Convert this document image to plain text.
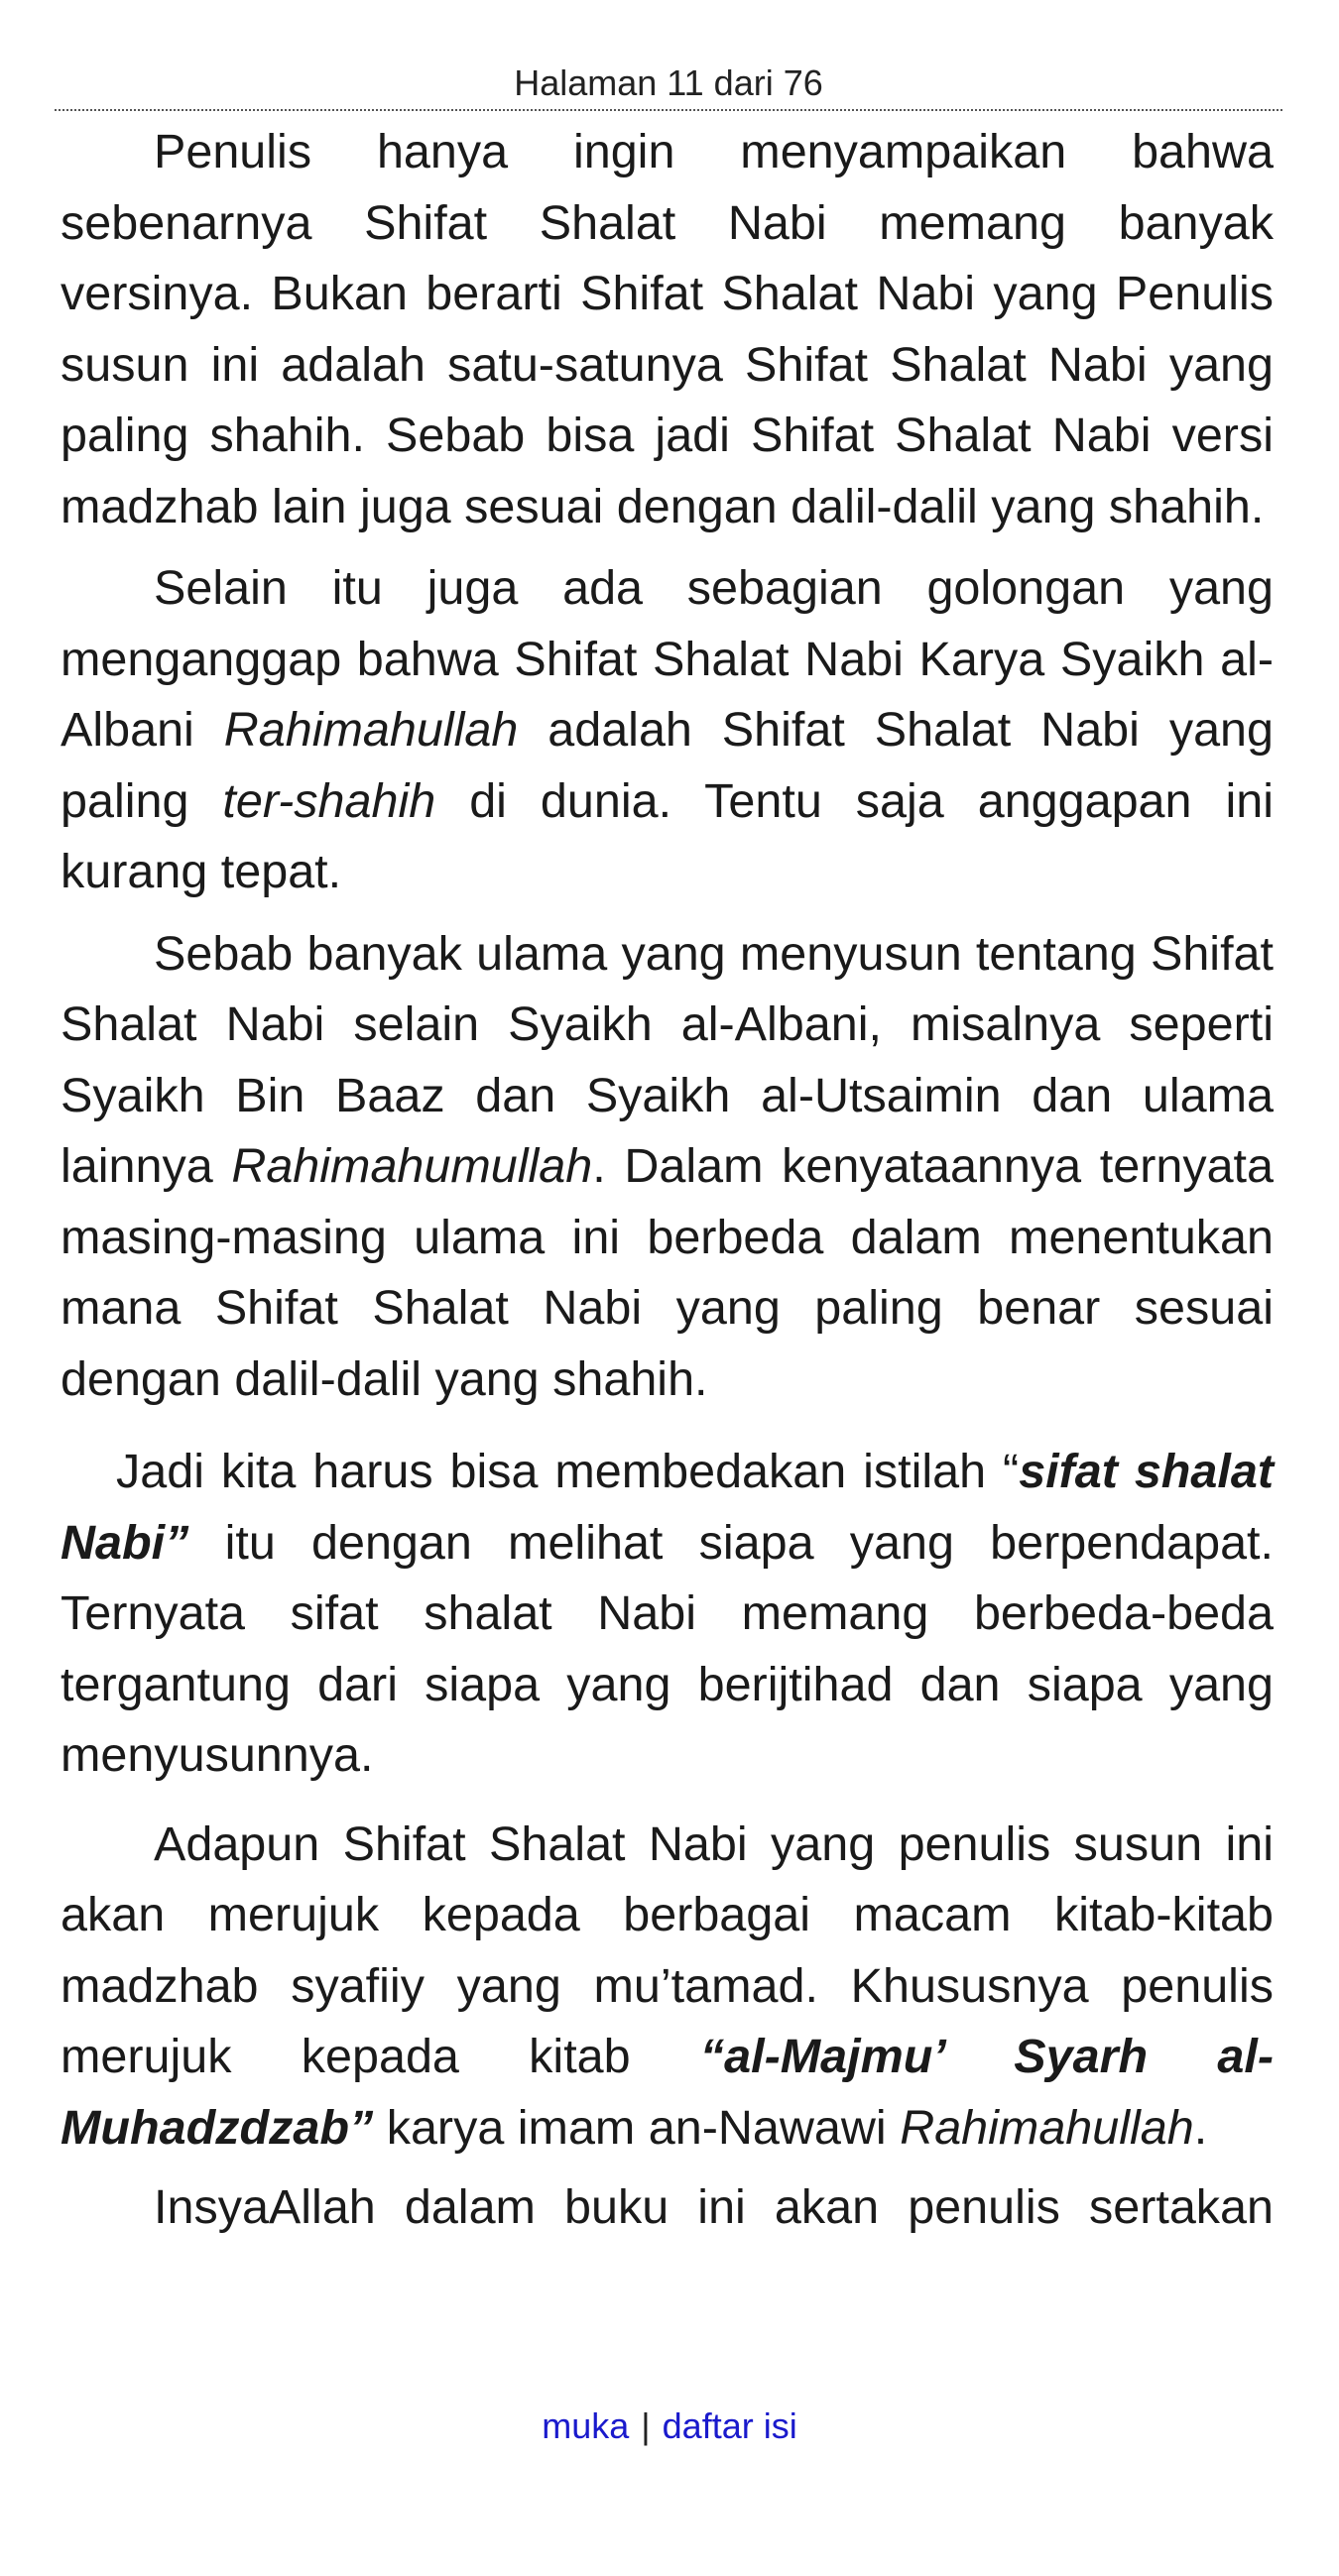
Halaman 11 dari 76

Penulis hanya ingin menyampaikan bahwa sebenarnya Shifat Shalat Nabi memang banyak versinya. Bukan berarti Shifat Shalat Nabi yang Penulis susun ini adalah satu-satunya Shifat Shalat Nabi yang paling shahih. Sebab bisa jadi Shifat Shalat Nabi versi madzhab lain juga sesuai dengan dalil-dalil yang shahih.

Selain itu juga ada sebagian golongan yang menganggap bahwa Shifat Shalat Nabi Karya Syaikh al-Albani Rahimahullah adalah Shifat Shalat Nabi yang paling ter-shahih di dunia. Tentu saja anggapan ini kurang tepat.

Sebab banyak ulama yang menyusun tentang Shifat Shalat Nabi selain Syaikh al-Albani, misalnya seperti Syaikh Bin Baaz dan Syaikh al-Utsaimin dan ulama lainnya Rahimahumullah. Dalam kenyataannya ternyata masing-masing ulama ini berbeda dalam menentukan mana Shifat Shalat Nabi yang paling benar sesuai dengan dalil-dalil yang shahih.

Jadi kita harus bisa membedakan istilah “sifat shalat Nabi” itu dengan melihat siapa yang berpendapat. Ternyata sifat shalat Nabi memang berbeda-beda tergantung dari siapa yang berijtihad dan siapa yang menyusunnya.

Adapun Shifat Shalat Nabi yang penulis susun ini akan merujuk kepada berbagai macam kitab-kitab madzhab syafiiy yang mu’tamad. Khususnya penulis merujuk kepada kitab “al-Majmu’ Syarh al-Muhadzdzab” karya imam an-Nawawi Rahimahullah.

InsyaAllah dalam buku ini akan penulis sertakan

muka | daftar isi
